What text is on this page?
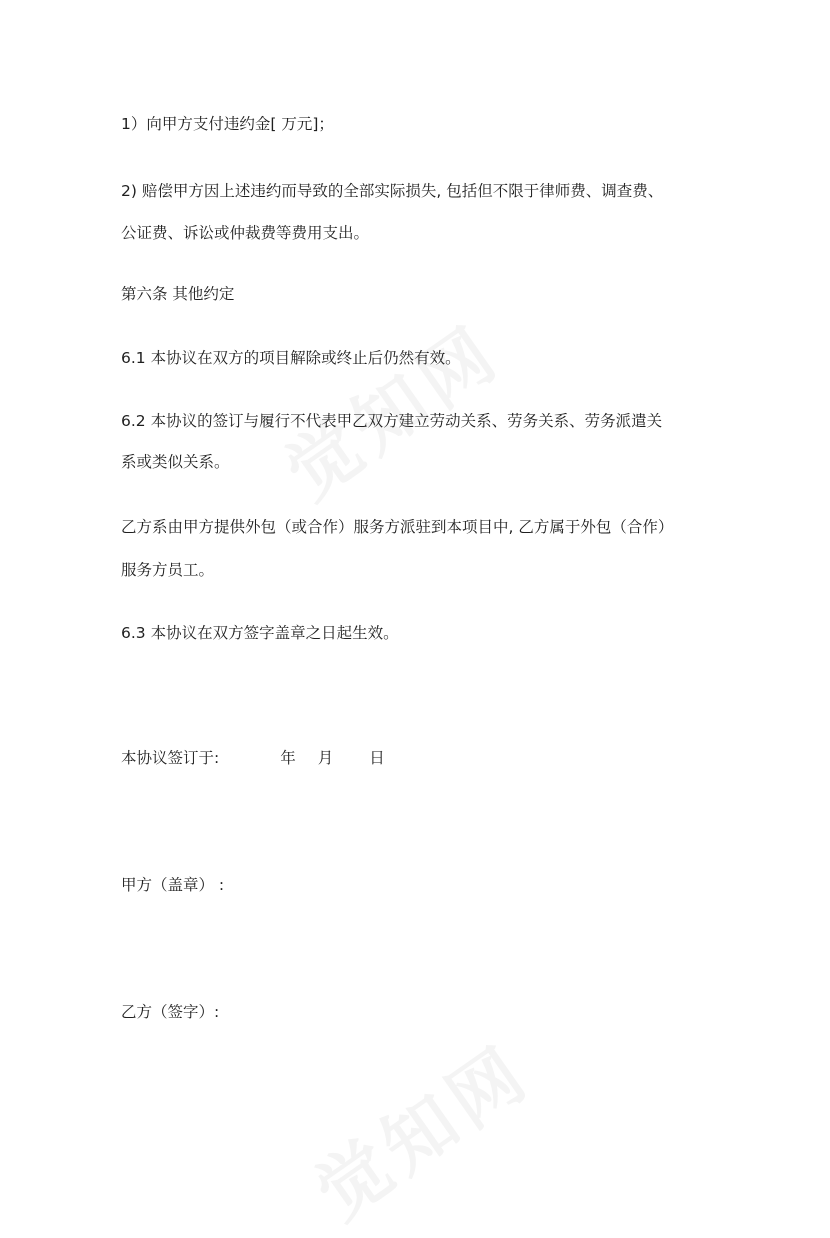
1）向甲方支付违约金[ 万元]；
2) 赔偿甲方因上述违约而导致的全部实际损失, 包括但不限于律师费、调查费、
公证费、诉讼或仲裁费等费用支出。
第六条 其他约定
6.1 本协议在双方的项目解除或终止后仍然有效。
6.2 本协议的签订与履行不代表甲乙双方建立劳动关系、劳务关系、劳务派遣关
系或类似关系。
乙方系由甲方提供外包（或合作）服务方派驻到本项目中, 乙方属于外包（合作）
服务方员工。
6.3 本协议在双方签字盖章之日起生效。
本协议签订于:	年 月 日
甲方（盖章） :
乙方（签字）:
